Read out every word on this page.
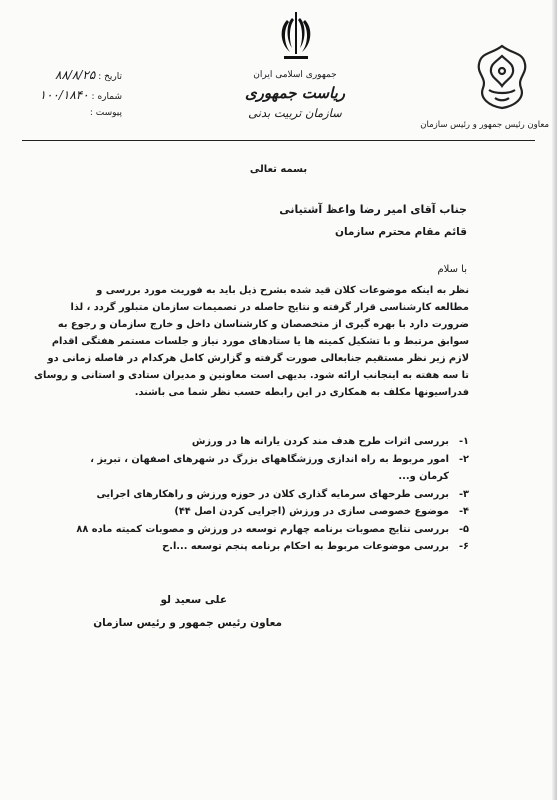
معاون رئیس جمهور و رئیس سازمان
جمهوری اسلامی ایران
ریاست جمهوری
سازمان تربیت بدنی
تاریخ : ۸۸/۸/۲۵
شماره : ۱۰۰/۱۸۴۰
پیوست :
بسمه تعالی
جناب آقای امیر رضا واعظ آشتیانی
قائم مقام محترم سازمان
با سلام
نظر به اینکه موضوعات کلان قید شده بشرح ذیل باید به فوریت مورد بررسی و
مطالعه کارشناسی قرار گرفته و نتایج حاصله در تصمیمات سازمان متبلور گردد ، لذا
ضرورت دارد با بهره گیری از متخصصان و کارشناسان داخل و خارج سازمان و رجوع به
سوابق مرتبط و با تشکیل کمیته ها یا ستادهای مورد نیاز و جلسات مستمر هفتگی اقدام
لازم زیر نظر مستقیم جنابعالی صورت گرفته و گزارش کامل هرکدام در فاصله زمانی دو
تا سه هفته به اینجانب ارائه شود. بدیهی است معاونین و مدیران ستادی و استانی و روسای
فدراسیونها مکلف به همکاری در این رابطه حسب نظر شما می باشند.
۱-
بررسی اثرات طرح هدف مند کردن یارانه ها در ورزش
۲-
امور مربوط به راه اندازی ورزشگاههای بزرگ در شهرهای اصفهان ، تبریز ،
کرمان و...
۳-
بررسی طرحهای سرمایه گذاری کلان در حوزه ورزش و راهکارهای اجرایی
۴-
موضوع خصوصی سازی در ورزش (اجرایی کردن اصل ۴۴)
۵-
بررسی نتایج مصوبات برنامه چهارم توسعه در ورزش و مصوبات کمیته ماده ۸۸
۶-
بررسی موضوعات مربوط به احکام برنامه پنجم توسعه ...ا.ح
علی سعید لو
معاون رئیس جمهور و رئیس سازمان
